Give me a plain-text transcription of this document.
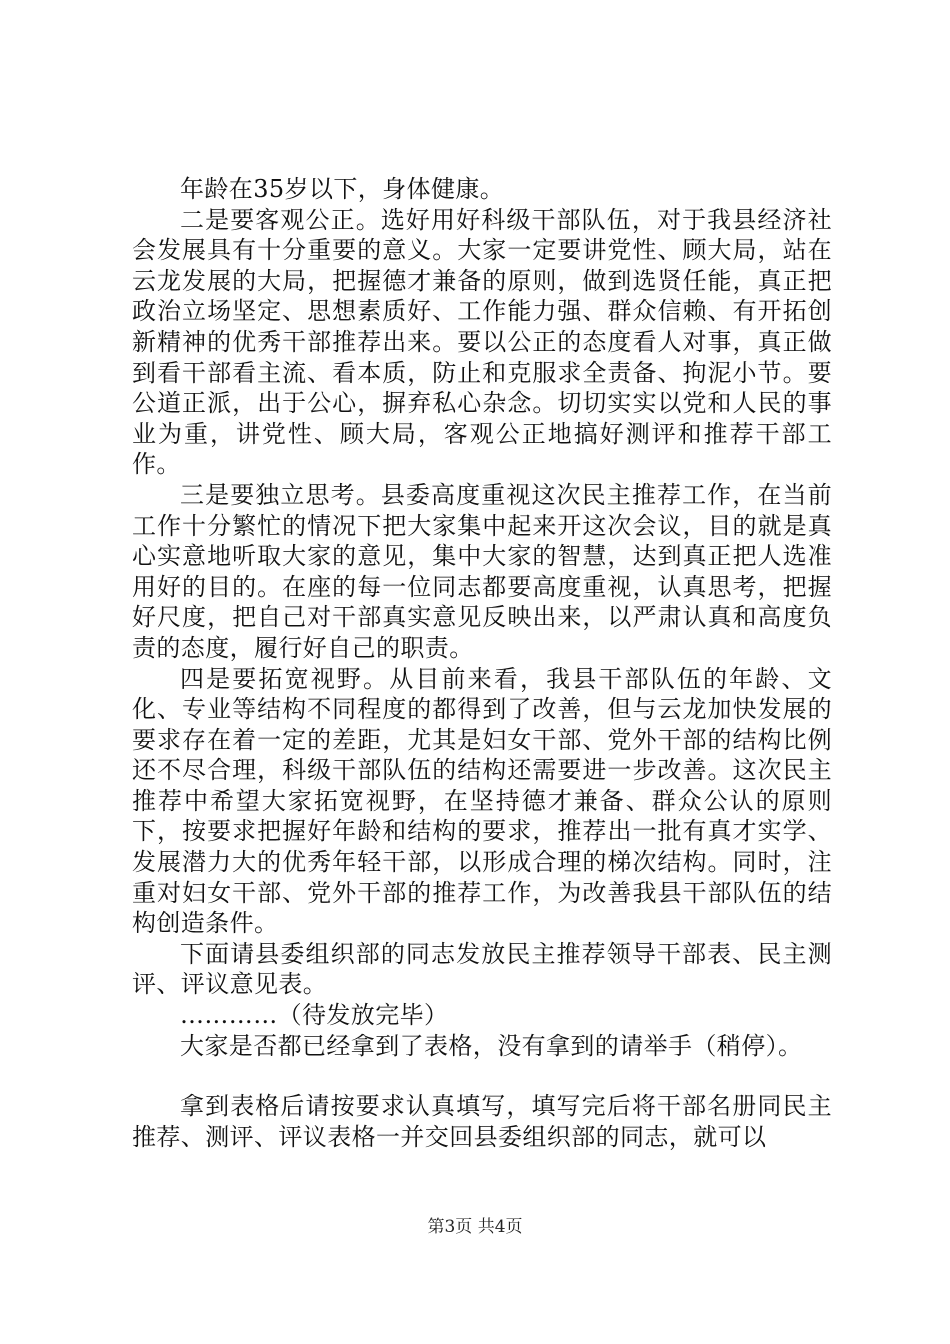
年龄在35岁以下，身体健康。

二是要客观公正。选好用好科级干部队伍，对于我县经济社会发展具有十分重要的意义。大家一定要讲党性、顾大局，站在云龙发展的大局，把握德才兼备的原则，做到选贤任能，真正把政治立场坚定、思想素质好、工作能力强、群众信赖、有开拓创新精神的优秀干部推荐出来。要以公正的态度看人对事，真正做到看干部看主流、看本质，防止和克服求全责备、拘泥小节。要公道正派，出于公心，摒弃私心杂念。切切实实以党和人民的事业为重，讲党性、顾大局，客观公正地搞好测评和推荐干部工作。

三是要独立思考。县委高度重视这次民主推荐工作，在当前工作十分繁忙的情况下把大家集中起来开这次会议，目的就是真心实意地听取大家的意见，集中大家的智慧，达到真正把人选准用好的目的。在座的每一位同志都要高度重视，认真思考，把握好尺度，把自己对干部真实意见反映出来，以严肃认真和高度负责的态度，履行好自己的职责。

四是要拓宽视野。从目前来看，我县干部队伍的年龄、文化、专业等结构不同程度的都得到了改善，但与云龙加快发展的要求存在着一定的差距，尤其是妇女干部、党外干部的结构比例还不尽合理，科级干部队伍的结构还需要进一步改善。这次民主推荐中希望大家拓宽视野，在坚持德才兼备、群众公认的原则下，按要求把握好年龄和结构的要求，推荐出一批有真才实学、发展潜力大的优秀年轻干部，以形成合理的梯次结构。同时，注重对妇女干部、党外干部的推荐工作，为改善我县干部队伍的结构创造条件。

下面请县委组织部的同志发放民主推荐领导干部表、民主测评、评议意见表。

…………（待发放完毕）

大家是否都已经拿到了表格，没有拿到的请举手（稍停）。

拿到表格后请按要求认真填写，填写完后将干部名册同民主推荐、测评、评议表格一并交回县委组织部的同志，就可以

第3页 共4页
